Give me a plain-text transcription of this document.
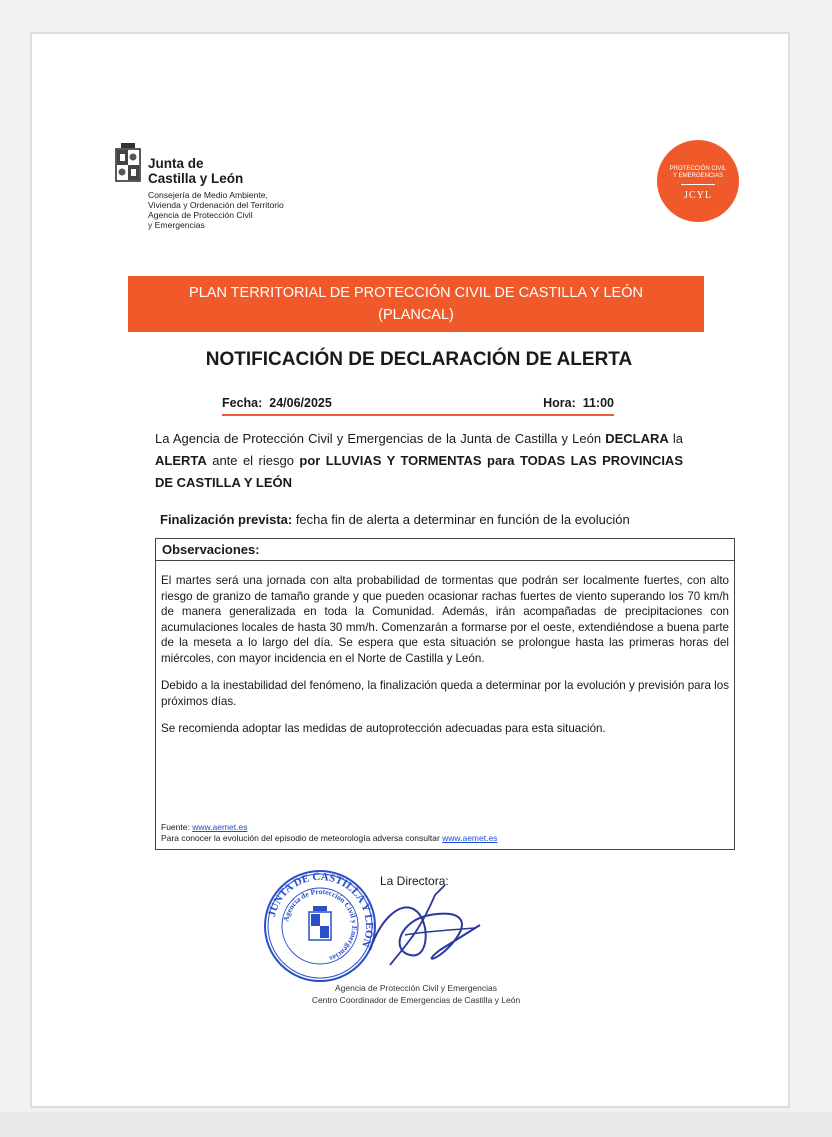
Junta de
Castilla y León
Consejería de Medio Ambiente,
Vivienda y Ordenación del Territorio
Agencia de Protección Civil
y Emergencias
PROTECCIÓN CIVIL
Y EMERGENCIAS
JCYL
PLAN TERRITORIAL DE PROTECCIÓN CIVIL DE CASTILLA Y LEÓN
(PLANCAL)
NOTIFICACIÓN DE DECLARACIÓN DE ALERTA
Fecha: 24/06/2025	Hora: 11:00
La Agencia de Protección Civil y Emergencias de la Junta de Castilla y León DECLARA la ALERTA ante el riesgo por LLUVIAS Y TORMENTAS para TODAS LAS PROVINCIAS DE CASTILLA Y LEÓN
Finalización prevista: fecha fin de alerta a determinar en función de la evolución
Observaciones:

El martes será una jornada con alta probabilidad de tormentas que podrán ser localmente fuertes, con alto riesgo de granizo de tamaño grande y que pueden ocasionar rachas fuertes de viento superando los 70 km/h de manera generalizada en toda la Comunidad. Además, irán acompañadas de precipitaciones con acumulaciones locales de hasta 30 mm/h. Comenzarán a formarse por el oeste, extendiéndose a buena parte de la meseta a lo largo del día. Se espera que esta situación se prolongue hasta las primeras horas del miércoles, con mayor incidencia en el Norte de Castilla y León.

Debido a la inestabilidad del fenómeno, la finalización queda a determinar por la evolución y previsión para los próximos días.

Se recomienda adoptar las medidas de autoprotección adecuadas para esta situación.

Fuente: www.aemet.es
Para conocer la evolución del episodio de meteorología adversa consultar www.aemet.es
JUNTA DE CASTILLA Y LEÓN
Agencia de Protección Civil y Emergencias
La Directora:
Agencia de Protección Civil y Emergencias
Centro Coordinador de Emergencias de Castilla y León
